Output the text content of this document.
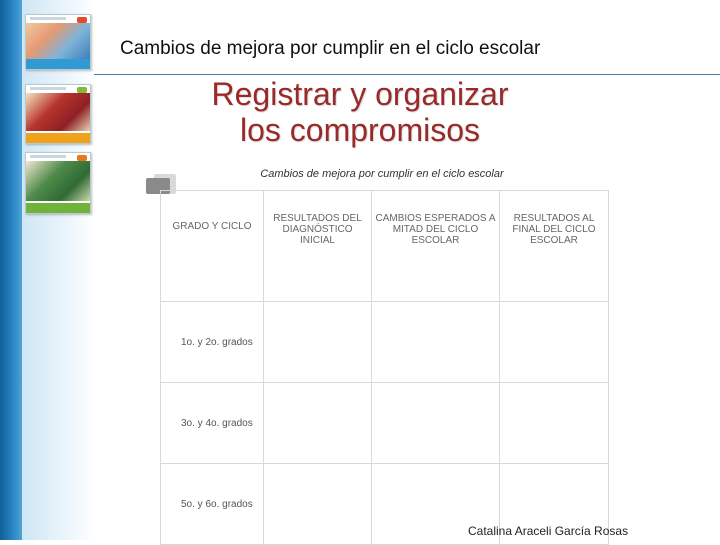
Cambios de mejora por cumplir en el ciclo escolar
Registrar y organizar
los compromisos
Cambios de mejora por cumplir en el ciclo escolar
GRADO Y CICLO	RESULTADOS DEL DIAGNÓSTICO INICIAL	CAMBIOS ESPERADOS A MITAD DEL CICLO ESCOLAR	RESULTADOS AL FINAL DEL CICLO ESCOLAR
1o. y 2o. grados			
3o. y 4o. grados			
5o. y 6o. grados			
Catalina Araceli García Rosas
